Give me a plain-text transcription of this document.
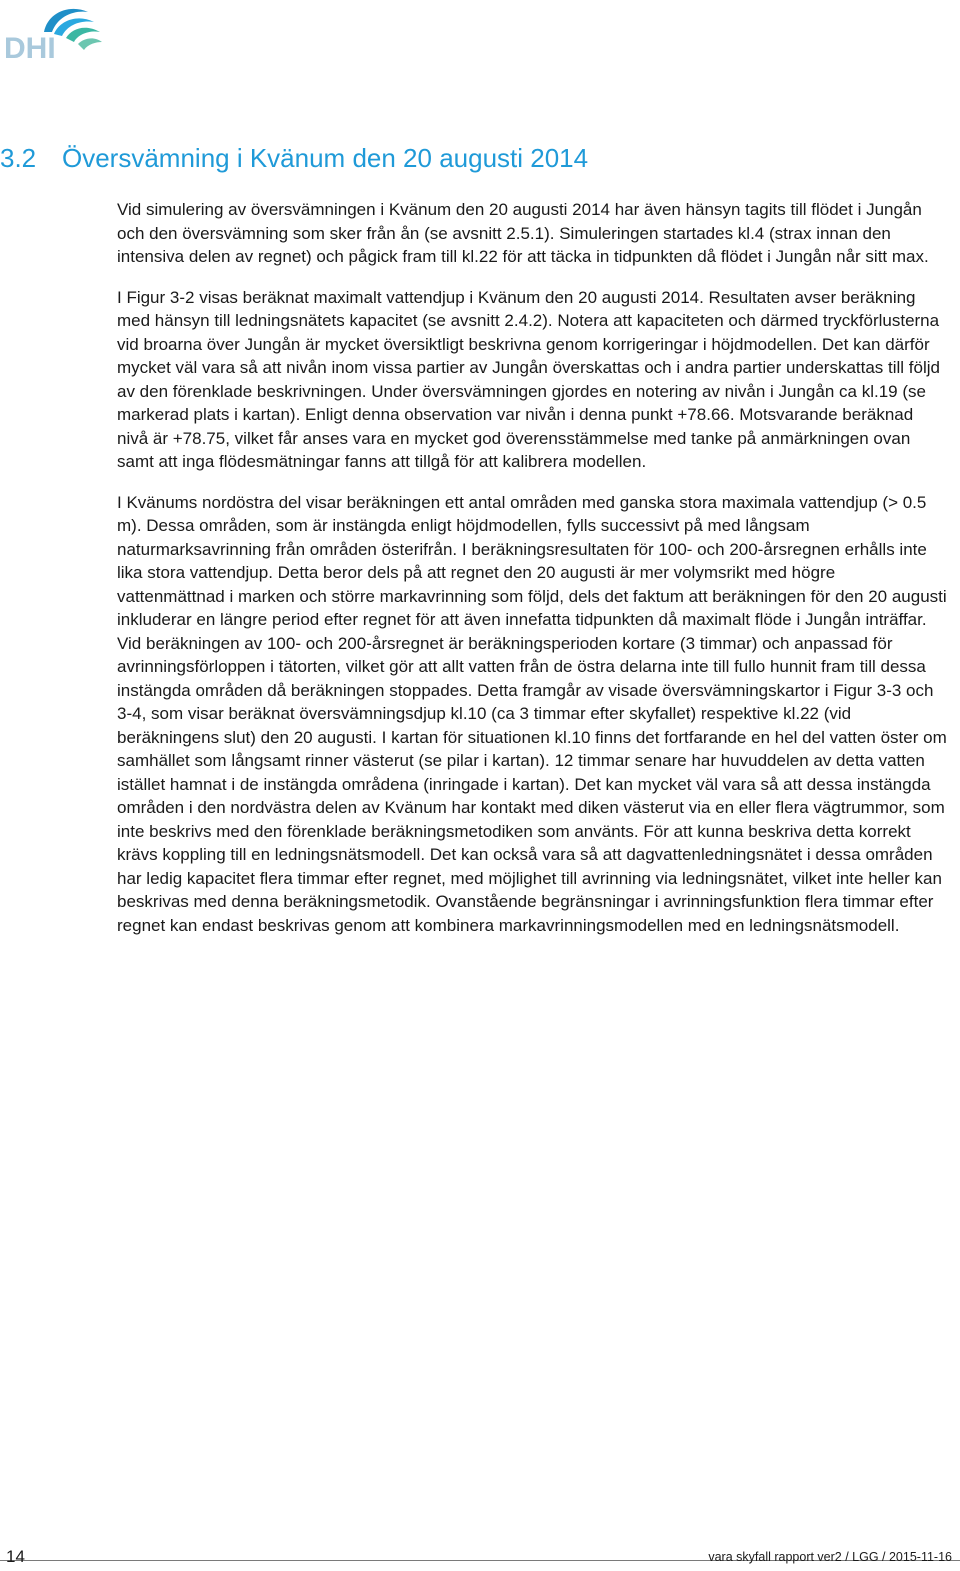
DHI
3.2 Översvämning i Kvänum den 20 augusti 2014

Vid simulering av översvämningen i Kvänum den 20 augusti 2014 har även hänsyn tagits till flödet i Jungån och den översvämning som sker från ån (se avsnitt 2.5.1). Simuleringen startades kl.4 (strax innan den intensiva delen av regnet) och pågick fram till kl.22 för att täcka in tidpunkten då flödet i Jungån når sitt max.

I Figur 3-2 visas beräknat maximalt vattendjup i Kvänum den 20 augusti 2014. Resultaten avser beräkning med hänsyn till ledningsnätets kapacitet (se avsnitt 2.4.2). Notera att kapaciteten och därmed tryckförlusterna vid broarna över Jungån är mycket översiktligt beskrivna genom korrigeringar i höjdmodellen. Det kan därför mycket väl vara så att nivån inom vissa partier av Jungån överskattas och i andra partier underskattas till följd av den förenklade beskrivningen. Under översvämningen gjordes en notering av nivån i Jungån ca kl.19 (se markerad plats i kartan). Enligt denna observation var nivån i denna punkt +78.66. Motsvarande beräknad nivå är +78.75, vilket får anses vara en mycket god överensstämmelse med tanke på anmärkningen ovan samt att inga flödesmätningar fanns att tillgå för att kalibrera modellen.

I Kvänums nordöstra del visar beräkningen ett antal områden med ganska stora maximala vattendjup (> 0.5 m). Dessa områden, som är instängda enligt höjdmodellen, fylls successivt på med långsam naturmarksavrinning från områden österifrån. I beräkningsresultaten för 100- och 200-årsregnen erhålls inte lika stora vattendjup. Detta beror dels på att regnet den 20 augusti är mer volymsrikt med högre vattenmättnad i marken och större markavrinning som följd, dels det faktum att beräkningen för den 20 augusti inkluderar en längre period efter regnet för att även innefatta tidpunkten då maximalt flöde i Jungån inträffar. Vid beräkningen av 100- och 200-årsregnet är beräkningsperioden kortare (3 timmar) och anpassad för avrinningsförloppen i tätorten, vilket gör att allt vatten från de östra delarna inte till fullo hunnit fram till dessa instängda områden då beräkningen stoppades. Detta framgår av visade översvämningskartor i Figur 3-3 och 3-4, som visar beräknat översvämningsdjup kl.10 (ca 3 timmar efter skyfallet) respektive kl.22 (vid beräkningens slut) den 20 augusti. I kartan för situationen kl.10 finns det fortfarande en hel del vatten öster om samhället som långsamt rinner västerut (se pilar i kartan). 12 timmar senare har huvuddelen av detta vatten istället hamnat i de instängda områdena (inringade i kartan). Det kan mycket väl vara så att dessa instängda områden i den nordvästra delen av Kvänum har kontakt med diken västerut via en eller flera vägtrummor, som inte beskrivs med den förenklade beräkningsmetodiken som använts. För att kunna beskriva detta korrekt krävs koppling till en ledningsnätsmodell. Det kan också vara så att dagvattenledningsnätet i dessa områden har ledig kapacitet flera timmar efter regnet, med möjlighet till avrinning via ledningsnätet, vilket inte heller kan beskrivas med denna beräkningsmetodik. Ovanstående begränsningar i avrinningsfunktion flera timmar efter regnet kan endast beskrivas genom att kombinera markavrinningsmodellen med en ledningsnätsmodell.

14	vara skyfall rapport ver2 / LGG / 2015-11-16
